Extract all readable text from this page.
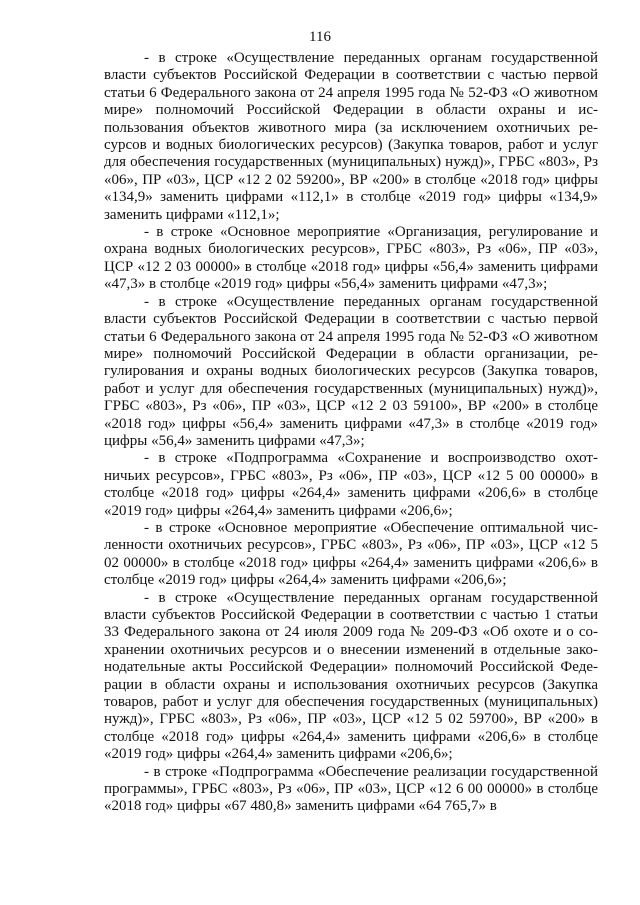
116

- в строке «Осуществление переданных органам государственной власти субъектов Российской Федерации в соответствии с частью первой статьи 6 Федерального закона от 24 апреля 1995 года № 52-ФЗ «О животном мире» полномочий Российской Федерации в области охраны и использования объектов животного мира (за исключением охотничьих ресурсов и водных биологических ресурсов) (Закупка товаров, работ и услуг для обеспечения государственных (муниципальных) нужд)», ГРБС «803», Рз «06», ПР «03», ЦСР «12 2 02 59200», ВР «200» в столбце «2018 год» цифры «134,9» заменить цифрами «112,1» в столбце «2019 год» цифры «134,9» заменить цифрами «112,1»;

- в строке «Основное мероприятие «Организация, регулирование и охрана водных биологических ресурсов», ГРБС «803», Рз «06», ПР «03», ЦСР «12 2 03 00000» в столбце «2018 год» цифры «56,4» заменить цифрами «47,3» в столбце «2019 год» цифры «56,4» заменить цифрами «47,3»;

- в строке «Осуществление переданных органам государственной власти субъектов Российской Федерации в соответствии с частью первой статьи 6 Федерального закона от 24 апреля 1995 года № 52-ФЗ «О животном мире» полномочий Российской Федерации в области организации, регулирования и охраны водных биологических ресурсов (Закупка товаров, работ и услуг для обеспечения государственных (муниципальных) нужд)», ГРБС «803», Рз «06», ПР «03», ЦСР «12 2 03 59100», ВР «200» в столбце «2018 год» цифры «56,4» заменить цифрами «47,3» в столбце «2019 год» цифры «56,4» заменить цифрами «47,3»;

- в строке «Подпрограмма «Сохранение и воспроизводство охотничьих ресурсов», ГРБС «803», Рз «06», ПР «03», ЦСР «12 5 00 00000» в столбце «2018 год» цифры «264,4» заменить цифрами «206,6» в столбце «2019 год» цифры «264,4» заменить цифрами «206,6»;

- в строке «Основное мероприятие «Обеспечение оптимальной численности охотничьих ресурсов», ГРБС «803», Рз «06», ПР «03», ЦСР «12 5 02 00000» в столбце «2018 год» цифры «264,4» заменить цифрами «206,6» в столбце «2019 год» цифры «264,4» заменить цифрами «206,6»;

- в строке «Осуществление переданных органам государственной власти субъектов Российской Федерации в соответствии с частью 1 статьи 33 Федерального закона от 24 июля 2009 года № 209-ФЗ «Об охоте и о сохранении охотничьих ресурсов и о внесении изменений в отдельные законодательные акты Российской Федерации» полномочий Российской Федерации в области охраны и использования охотничьих ресурсов (Закупка товаров, работ и услуг для обеспечения государственных (муниципальных) нужд)», ГРБС «803», Рз «06», ПР «03», ЦСР «12 5 02 59700», ВР «200» в столбце «2018 год» цифры «264,4» заменить цифрами «206,6» в столбце «2019 год» цифры «264,4» заменить цифрами «206,6»;

- в строке «Подпрограмма «Обеспечение реализации государственной программы», ГРБС «803», Рз «06», ПР «03», ЦСР «12 6 00 00000» в столбце «2018 год» цифры «67 480,8» заменить цифрами «64 765,7» в
